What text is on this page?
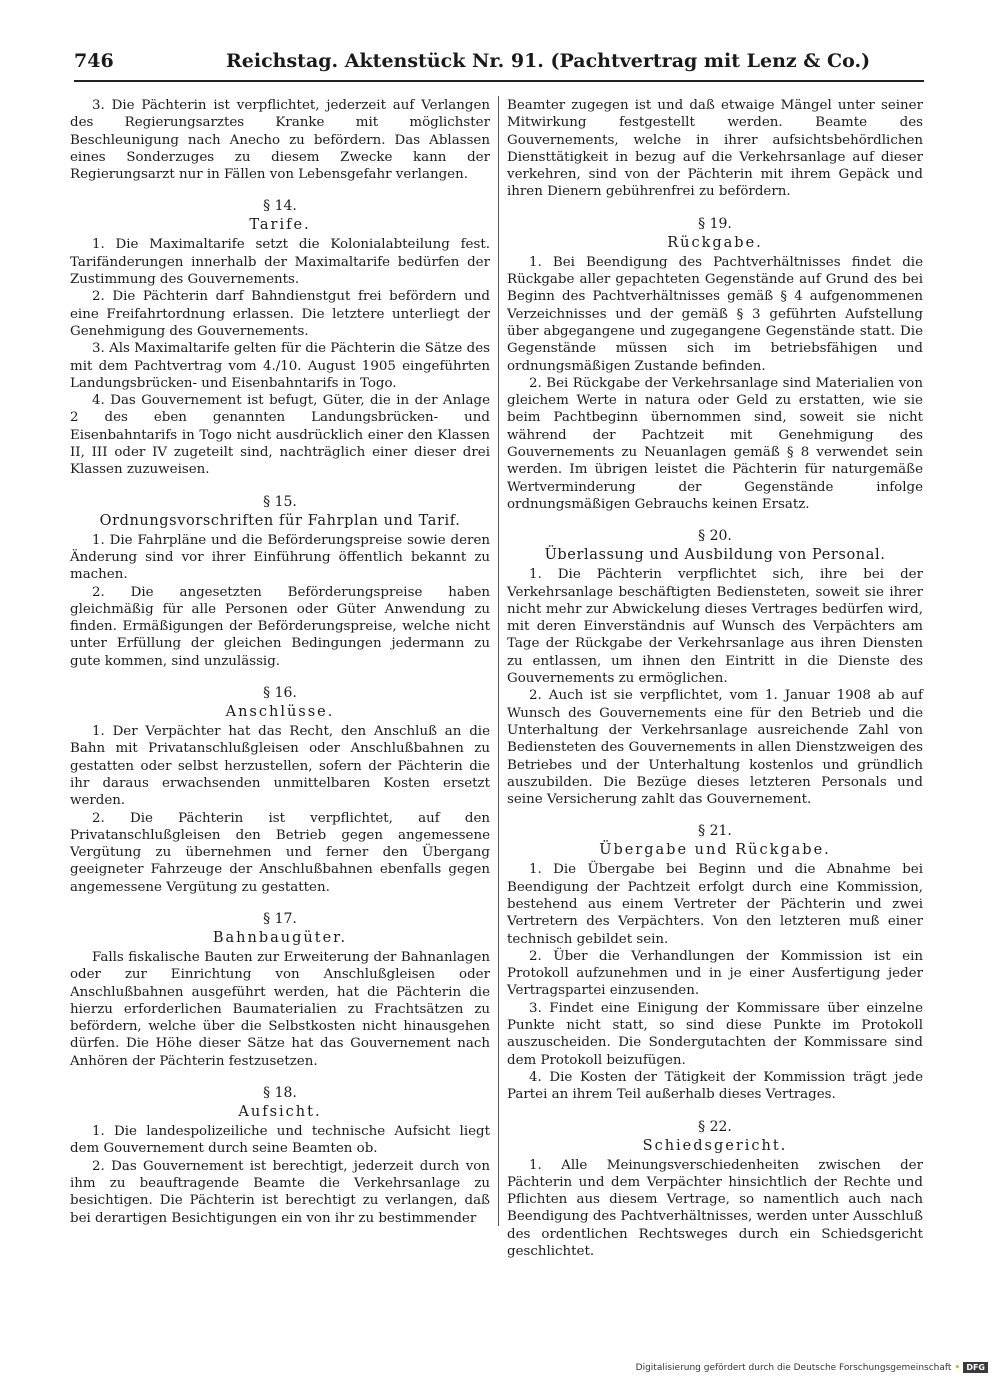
746	Reichstag. Aktenstück Nr. 91. (Pachtvertrag mit Lenz & Co.)

3. Die Pächterin ist verpflichtet, jederzeit auf Verlangen des Regierungsarztes Kranke mit möglichster Beschleunigung nach Anecho zu befördern. Das Ablassen eines Sonderzuges zu diesem Zwecke kann der Regierungsarzt nur in Fällen von Lebensgefahr verlangen.

§ 14.
Tarife.

1. Die Maximaltarife setzt die Kolonialabteilung fest. Tarifänderungen innerhalb der Maximaltarife bedürfen der Zustimmung des Gouvernements.

2. Die Pächterin darf Bahndienstgut frei befördern und eine Freifahrtordnung erlassen. Die letztere unterliegt der Genehmigung des Gouvernements.

3. Als Maximaltarife gelten für die Pächterin die Sätze des mit dem Pachtvertrag vom 4./10. August 1905 eingeführten Landungsbrücken- und Eisenbahntarifs in Togo.

4. Das Gouvernement ist befugt, Güter, die in der Anlage 2 des eben genannten Landungsbrücken- und Eisenbahntarifs in Togo nicht ausdrücklich einer den Klassen II, III oder IV zugeteilt sind, nachträglich einer dieser drei Klassen zuzuweisen.

§ 15.
Ordnungsvorschriften für Fahrplan und Tarif.

1. Die Fahrpläne und die Beförderungspreise sowie deren Änderung sind vor ihrer Einführung öffentlich bekannt zu machen.

2. Die angesetzten Beförderungspreise haben gleichmäßig für alle Personen oder Güter Anwendung zu finden. Ermäßigungen der Beförderungspreise, welche nicht unter Erfüllung der gleichen Bedingungen jedermann zu gute kommen, sind unzulässig.

§ 16.
Anschlüsse.

1. Der Verpächter hat das Recht, den Anschluß an die Bahn mit Privatanschlußgleisen oder Anschlußbahnen zu gestatten oder selbst herzustellen, sofern der Pächterin die ihr daraus erwachsenden unmittelbaren Kosten ersetzt werden.

2. Die Pächterin ist verpflichtet, auf den Privatanschlußgleisen den Betrieb gegen angemessene Vergütung zu übernehmen und ferner den Übergang geeigneter Fahrzeuge der Anschlußbahnen ebenfalls gegen angemessene Vergütung zu gestatten.

§ 17.
Bahnbaugüter.

Falls fiskalische Bauten zur Erweiterung der Bahnanlagen oder zur Einrichtung von Anschlußgleisen oder Anschlußbahnen ausgeführt werden, hat die Pächterin die hierzu erforderlichen Baumaterialien zu Frachtsätzen zu befördern, welche über die Selbstkosten nicht hinausgehen dürfen. Die Höhe dieser Sätze hat das Gouvernement nach Anhören der Pächterin festzusetzen.

§ 18.
Aufsicht.

1. Die landespolizeiliche und technische Aufsicht liegt dem Gouvernement durch seine Beamten ob.

2. Das Gouvernement ist berechtigt, jederzeit durch von ihm zu beauftragende Beamte die Verkehrsanlage zu besichtigen. Die Pächterin ist berechtigt zu verlangen, daß bei derartigen Besichtigungen ein von ihr zu bestimmender

Beamter zugegen ist und daß etwaige Mängel unter seiner Mitwirkung festgestellt werden. Beamte des Gouvernements, welche in ihrer aufsichtsbehördlichen Diensttätigkeit in bezug auf die Verkehrsanlage auf dieser verkehren, sind von der Pächterin mit ihrem Gepäck und ihren Dienern gebührenfrei zu befördern.

§ 19.
Rückgabe.

1. Bei Beendigung des Pachtverhältnisses findet die Rückgabe aller gepachteten Gegenstände auf Grund des bei Beginn des Pachtverhältnisses gemäß § 4 aufgenommenen Verzeichnisses und der gemäß § 3 geführten Aufstellung über abgegangene und zugegangene Gegenstände statt. Die Gegenstände müssen sich im betriebsfähigen und ordnungsmäßigen Zustande befinden.

2. Bei Rückgabe der Verkehrsanlage sind Materialien von gleichem Werte in natura oder Geld zu erstatten, wie sie beim Pachtbeginn übernommen sind, soweit sie nicht während der Pachtzeit mit Genehmigung des Gouvernements zu Neuanlagen gemäß § 8 verwendet sein werden. Im übrigen leistet die Pächterin für naturgemäße Wertverminderung der Gegenstände infolge ordnungsmäßigen Gebrauchs keinen Ersatz.

§ 20.
Überlassung und Ausbildung von Personal.

1. Die Pächterin verpflichtet sich, ihre bei der Verkehrsanlage beschäftigten Bediensteten, soweit sie ihrer nicht mehr zur Abwickelung dieses Vertrages bedürfen wird, mit deren Einverständnis auf Wunsch des Verpächters am Tage der Rückgabe der Verkehrsanlage aus ihren Diensten zu entlassen, um ihnen den Eintritt in die Dienste des Gouvernements zu ermöglichen.

2. Auch ist sie verpflichtet, vom 1. Januar 1908 ab auf Wunsch des Gouvernements eine für den Betrieb und die Unterhaltung der Verkehrsanlage ausreichende Zahl von Bediensteten des Gouvernements in allen Dienstzweigen des Betriebes und der Unterhaltung kostenlos und gründlich auszubilden. Die Bezüge dieses letzteren Personals und seine Versicherung zahlt das Gouvernement.

§ 21.
Übergabe und Rückgabe.

1. Die Übergabe bei Beginn und die Abnahme bei Beendigung der Pachtzeit erfolgt durch eine Kommission, bestehend aus einem Vertreter der Pächterin und zwei Vertretern des Verpächters. Von den letzteren muß einer technisch gebildet sein.

2. Über die Verhandlungen der Kommission ist ein Protokoll aufzunehmen und in je einer Ausfertigung jeder Vertragspartei einzusenden.

3. Findet eine Einigung der Kommissare über einzelne Punkte nicht statt, so sind diese Punkte im Protokoll auszuscheiden. Die Sondergutachten der Kommissare sind dem Protokoll beizufügen.

4. Die Kosten der Tätigkeit der Kommission trägt jede Partei an ihrem Teil außerhalb dieses Vertrages.

§ 22.
Schiedsgericht.

1. Alle Meinungsverschiedenheiten zwischen der Pächterin und dem Verpächter hinsichtlich der Rechte und Pflichten aus diesem Vertrage, so namentlich auch nach Beendigung des Pachtverhältnisses, werden unter Ausschluß des ordentlichen Rechtsweges durch ein Schiedsgericht geschlichtet.

Digitalisierung gefördert durch die Deutsche Forschungsgemeinschaft • DFG
